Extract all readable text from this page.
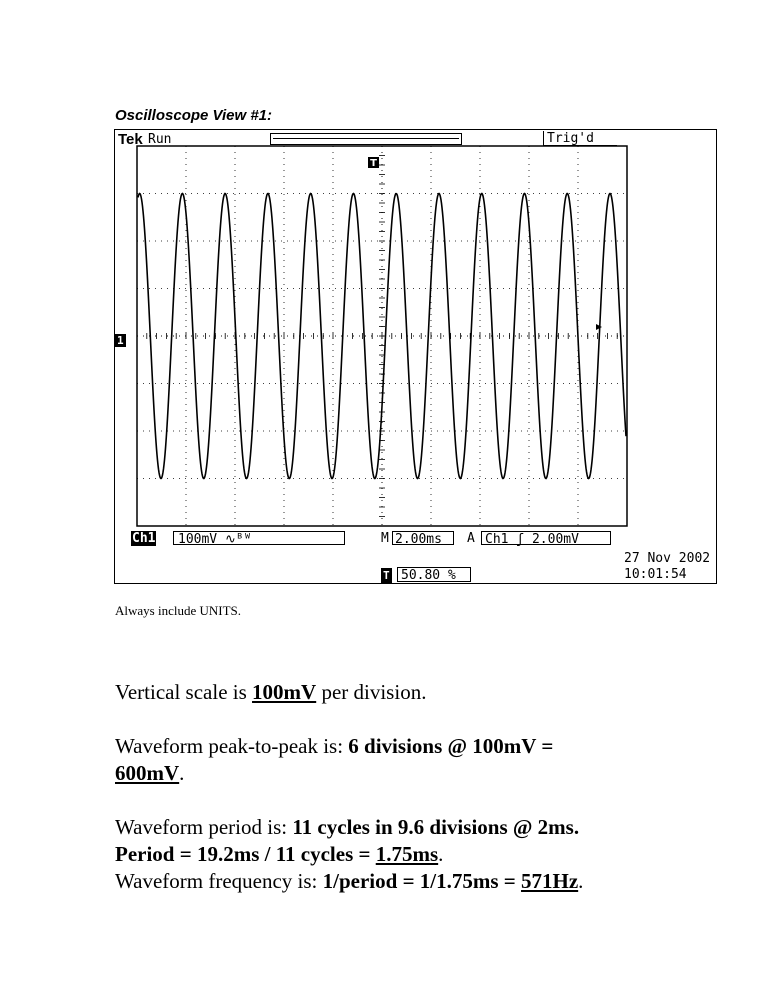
Oscilloscope View #1:
T
Tek Run	Trig'd
1
Ch1	100mV ∿ᴮᵂ	M 2.00ms	A Ch1 ʃ 2.00mV
T 50.80 %
27 Nov 2002
10:01:54
Always include UNITS.
Vertical scale is 100mV per division.
Waveform peak-to-peak is: 6 divisions @ 100mV =
600mV.
Waveform period is: 11 cycles in 9.6 divisions @ 2ms.
Period = 19.2ms / 11 cycles = 1.75ms.
Waveform frequency is: 1/period = 1/1.75ms = 571Hz.
